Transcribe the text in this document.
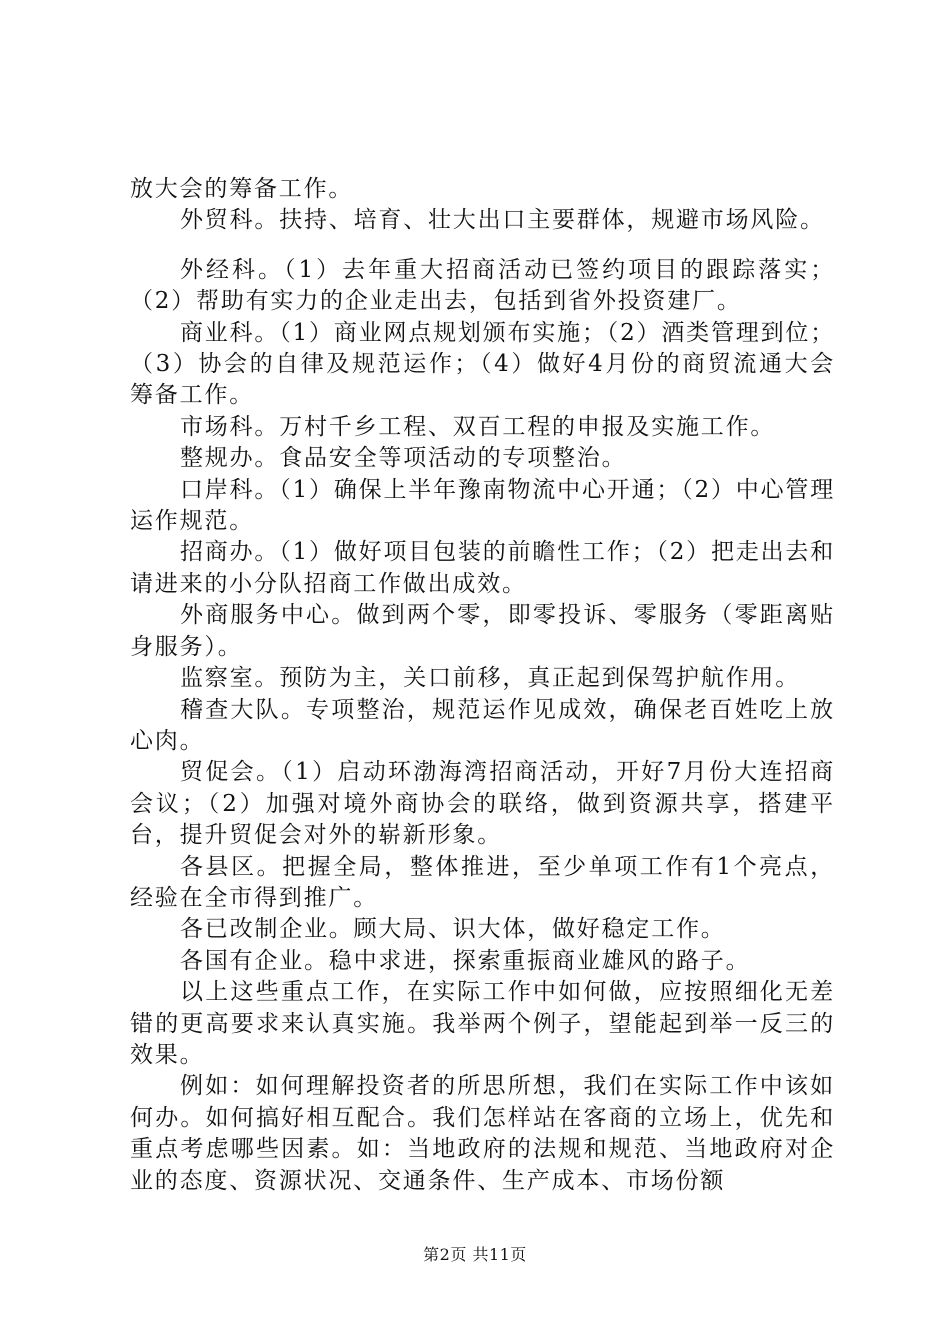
放大会的筹备工作。

外贸科。扶持、培育、壮大出口主要群体，规避市场风险。

外经科。（1）去年重大招商活动已签约项目的跟踪落实；（2）帮助有实力的企业走出去，包括到省外投资建厂。

商业科。（1）商业网点规划颁布实施；（2）酒类管理到位；（3）协会的自律及规范运作；（4）做好4月份的商贸流通大会筹备工作。

市场科。万村千乡工程、双百工程的申报及实施工作。

整规办。食品安全等项活动的专项整治。

口岸科。（1）确保上半年豫南物流中心开通；（2）中心管理运作规范。

招商办。（1）做好项目包装的前瞻性工作；（2）把走出去和请进来的小分队招商工作做出成效。

外商服务中心。做到两个零，即零投诉、零服务（零距离贴身服务）。

监察室。预防为主，关口前移，真正起到保驾护航作用。

稽查大队。专项整治，规范运作见成效，确保老百姓吃上放心肉。

贸促会。（1）启动环渤海湾招商活动，开好7月份大连招商会议；（2）加强对境外商协会的联络，做到资源共享，搭建平台，提升贸促会对外的崭新形象。

各县区。把握全局，整体推进，至少单项工作有1个亮点，经验在全市得到推广。

各已改制企业。顾大局、识大体，做好稳定工作。

各国有企业。稳中求进，探索重振商业雄风的路子。

以上这些重点工作，在实际工作中如何做，应按照细化无差错的更高要求来认真实施。我举两个例子，望能起到举一反三的效果。

例如：如何理解投资者的所思所想，我们在实际工作中该如何办。如何搞好相互配合。我们怎样站在客商的立场上，优先和重点考虑哪些因素。如：当地政府的法规和规范、当地政府对企业的态度、资源状况、交通条件、生产成本、市场份额

第2页 共11页
